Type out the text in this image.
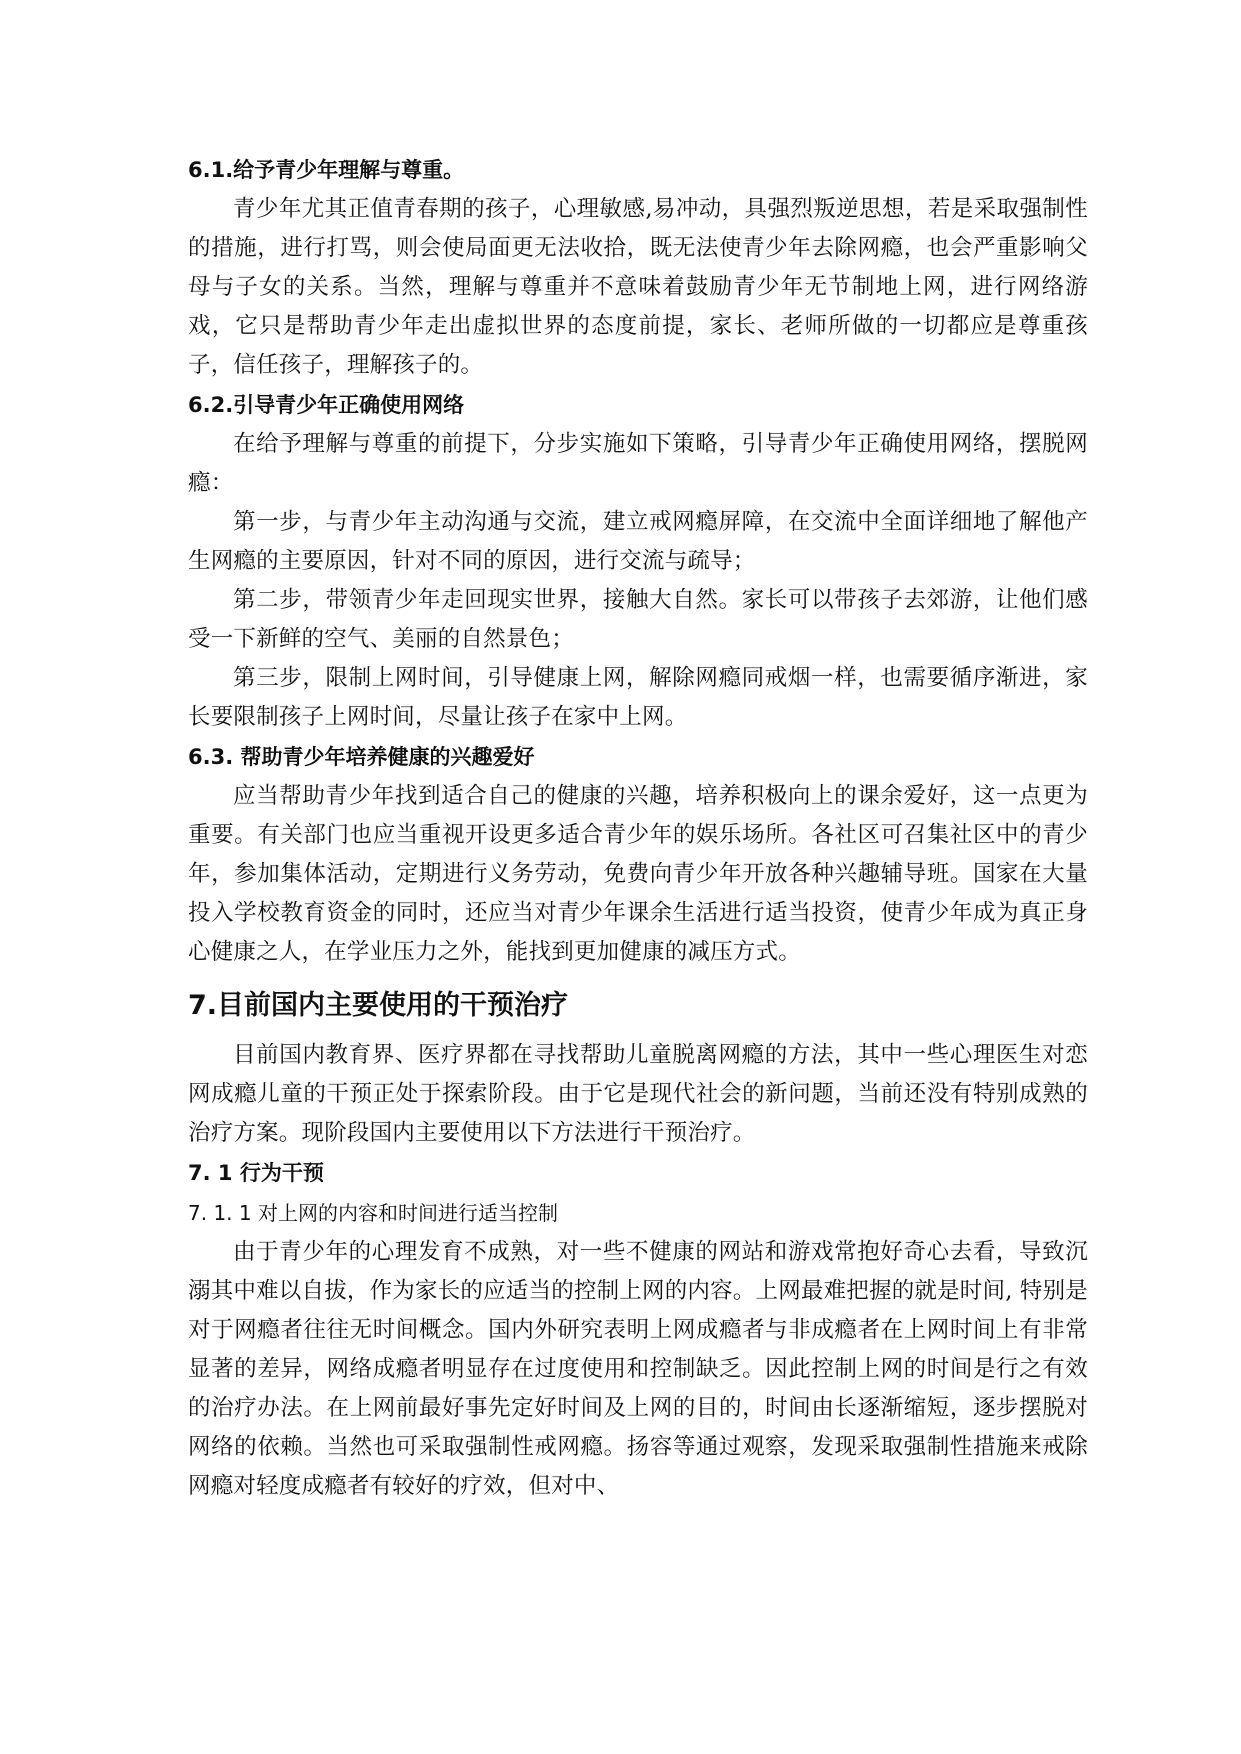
6.1.给予青少年理解与尊重。

青少年尤其正值青春期的孩子，心理敏感,易冲动，具强烈叛逆思想，若是采取强制性的措施，进行打骂，则会使局面更无法收拾，既无法使青少年去除网瘾，也会严重影响父母与子女的关系。当然，理解与尊重并不意味着鼓励青少年无节制地上网，进行网络游戏，它只是帮助青少年走出虚拟世界的态度前提，家长、老师所做的一切都应是尊重孩子，信任孩子，理解孩子的。

6.2.引导青少年正确使用网络

在给予理解与尊重的前提下，分步实施如下策略，引导青少年正确使用网络，摆脱网瘾：

第一步，与青少年主动沟通与交流，建立戒网瘾屏障，在交流中全面详细地了解他产生网瘾的主要原因，针对不同的原因，进行交流与疏导；

第二步，带领青少年走回现实世界，接触大自然。家长可以带孩子去郊游，让他们感受一下新鲜的空气、美丽的自然景色；

第三步，限制上网时间，引导健康上网，解除网瘾同戒烟一样，也需要循序渐进，家长要限制孩子上网时间，尽量让孩子在家中上网。

6.3. 帮助青少年培养健康的兴趣爱好

应当帮助青少年找到适合自己的健康的兴趣，培养积极向上的课余爱好，这一点更为重要。有关部门也应当重视开设更多适合青少年的娱乐场所。各社区可召集社区中的青少年，参加集体活动，定期进行义务劳动，免费向青少年开放各种兴趣辅导班。国家在大量投入学校教育资金的同时，还应当对青少年课余生活进行适当投资，使青少年成为真正身心健康之人，在学业压力之外，能找到更加健康的减压方式。

7.目前国内主要使用的干预治疗

目前国内教育界、医疗界都在寻找帮助儿童脱离网瘾的方法，其中一些心理医生对恋网成瘾儿童的干预正处于探索阶段。由于它是现代社会的新问题，当前还没有特别成熟的治疗方案。现阶段国内主要使用以下方法进行干预治疗。

7. 1 行为干预
7. 1. 1 对上网的内容和时间进行适当控制

由于青少年的心理发育不成熟，对一些不健康的网站和游戏常抱好奇心去看，导致沉溺其中难以自拔，作为家长的应适当的控制上网的内容。上网最难把握的就是时间, 特别是对于网瘾者往往无时间概念。国内外研究表明上网成瘾者与非成瘾者在上网时间上有非常显著的差异，网络成瘾者明显存在过度使用和控制缺乏。因此控制上网的时间是行之有效的治疗办法。在上网前最好事先定好时间及上网的目的，时间由长逐渐缩短，逐步摆脱对网络的依赖。当然也可采取强制性戒网瘾。扬容等通过观察，发现采取强制性措施来戒除网瘾对轻度成瘾者有较好的疗效，但对中、
